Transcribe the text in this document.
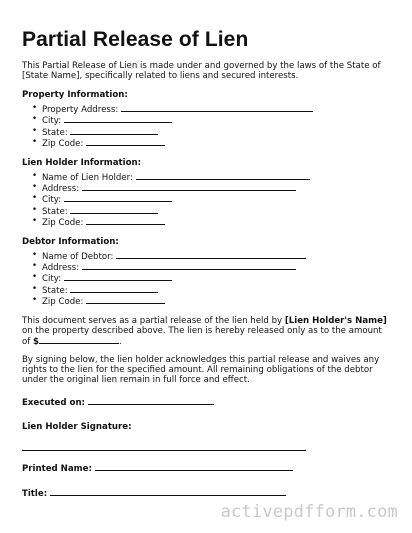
Partial Release of Lien

This Partial Release of Lien is made under and governed by the laws of the State of [State Name], specifically related to liens and secured interests.

Property Information:
• Property Address:
• City:
• State:
• Zip Code:
Lien Holder Information:
• Name of Lien Holder:
• Address:
• City:
• State:
• Zip Code:
Debtor Information:
• Name of Debtor:
• Address:
• City:
• State:
• Zip Code:

This document serves as a partial release of the lien held by [Lien Holder's Name] on the property described above. The lien is hereby released only as to the amount of $	.

By signing below, the lien holder acknowledges this partial release and waives any rights to the lien for the specified amount. All remaining obligations of the debtor under the original lien remain in full force and effect.

Executed on:
Lien Holder Signature:
Printed Name:
Title:
activepdfform.com
